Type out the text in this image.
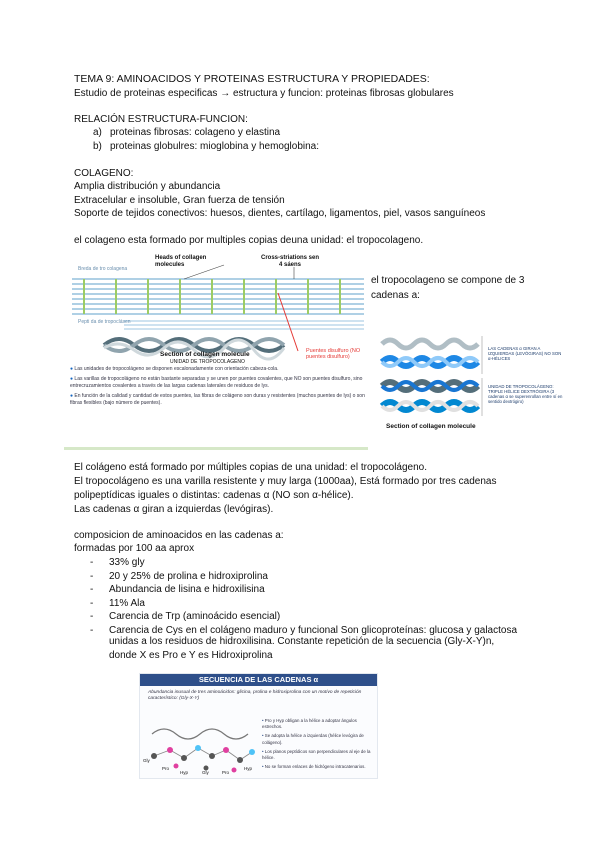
TEMA 9: AMINOACIDOS Y PROTEINAS ESTRUCTURA Y PROPIEDADES:
Estudio de proteinas especificas → estructura y funcion: proteinas fibrosas globulares
RELACIÓN ESTRUCTURA-FUNCION:
a) proteinas fibrosas: colageno y elastina
b) proteinas globulres: mioglobina y hemoglobina:
COLAGENO:
Amplia distribución y abundancia
Extracelular e insoluble, Gran fuerza de tensión
Soporte de tejidos conectivos: huesos, dientes, cartílago, ligamentos, piel, vasos sanguíneos
el colageno esta formado por multiples copias deuna unidad: el tropocolageno.
Heads of collagen molecules
Cross-striations sen 4 sáens
Breda de tro colagena
Pepti da de tropoclásen
Section of collagen molecule
UNIDAD DE TROPOCOLAGENO
Puentes disulfuro (NO puentes disulfuro)
● Las unidades de tropocolágeno se disponen escalonadamente con orientación cabeza-cola.
● Las varillas de tropocolágeno no están bastante separadas y se unen por puentes covalentes, que NO son puentes disulfuro, sino entrecruzamientos covalentes a través de las largas cadenas laterales de residuos de lys.
● En función de la calidad y cantidad de estos puentes, las fibras de colágeno son duras y resistentes (muchos puentes de lys) o son fibras flexibles (bajo número de puentes).
el tropocolageno se compone de 3
cadenas a:
LAS CADENAS α GIRAN A IZQUIERDAS (LEVÓGIRAS) NO SON α-HÉLICES
UNIDAD DE TROPOCOLÁGENO: TRIPLE HÉLICE DEXTRÓGIRA (3 cadenas α se superenrollan entre sí en sentido dextrógiro)
Section of collagen molecule
El colágeno está formado por múltiples copias de una unidad: el tropocolágeno.
El tropocolágeno es una varilla resistente y muy larga (1000aa), Está formado por tres cadenas
polipeptídicas iguales o distintas: cadenas α (NO son α-hélice).
Las cadenas α giran a izquierdas (levógiras).
composicion de aminoacidos en las cadenas a:
formadas por 100 aa aprox
- 33% gly
- 20 y 25% de prolina e hidroxiprolina
- Abundancia de lisina e hidroxilisina
- 11% Ala
- Carencia de Trp (aminoácido esencial)
- Carencia de Cys en el colágeno maduro y funcional Son glicoproteínas: glucosa y galactosa
unidas a los residuos de hidroxilisina. Constante repetición de la secuencia (Gly-X-Y)n,
donde X es Pro e Y es Hidroxiprolina
SECUENCIA DE LAS CADENAS α
Abundancia inusual de tres aminoácidos: glicina, prolina e hidroxiprolina con un motivo de repetición característico: (Gly-X-Y)
Gly
Pro
Hyp	Gly	Pro
Hyp
• Pro y Hyp obligan a la hélice a adoptar ángulos estrechos.
• Se adopta la hélice a izquierdas (hélice levógira de colágeno).
• Los planos peptídicos son perpendiculares al eje de la hélice.
• No se forman enlaces de hidrógeno intracatenarios.
